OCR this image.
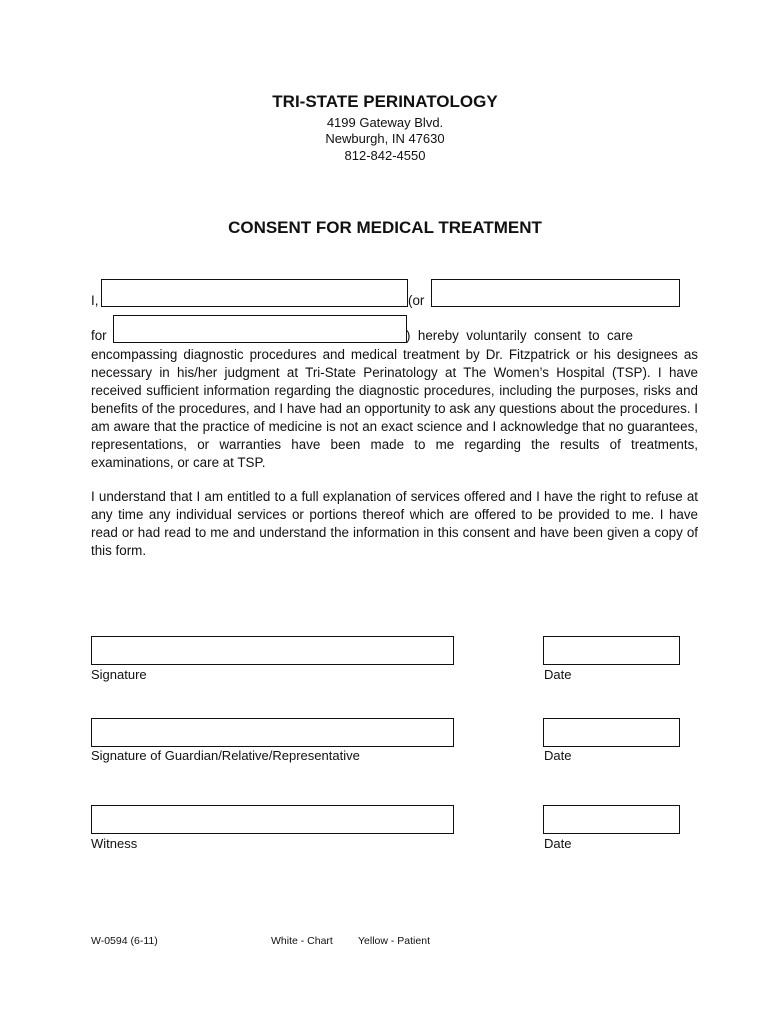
TRI-STATE PERINATOLOGY
4199 Gateway Blvd.
Newburgh, IN 47630
812-842-4550
CONSENT FOR MEDICAL TREATMENT
I,	(or
for	)  hereby  voluntarily  consent  to  care
encompassing diagnostic procedures and medical treatment by Dr. Fitzpatrick or his designees as necessary in his/her judgment at Tri-State Perinatology at The Women’s Hospital (TSP). I have received sufficient information regarding the diagnostic procedures, including the purposes, risks and benefits of the procedures, and I have had an opportunity to ask any questions about the procedures. I am aware that the practice of medicine is not an exact science and I acknowledge that no guarantees, representations, or warranties have been made to me regarding the results of treatments, examinations, or care at TSP.
I understand that I am entitled to a full explanation of services offered and I have the right to refuse at any time any individual services or portions thereof which are offered to be provided to me. I have read or had read to me and understand the information in this consent and have been given a copy of this form.
Signature	Date
Signature of Guardian/Relative/Representative	Date
Witness	Date
W-0594 (6-11)	White - Chart Yellow - Patient
